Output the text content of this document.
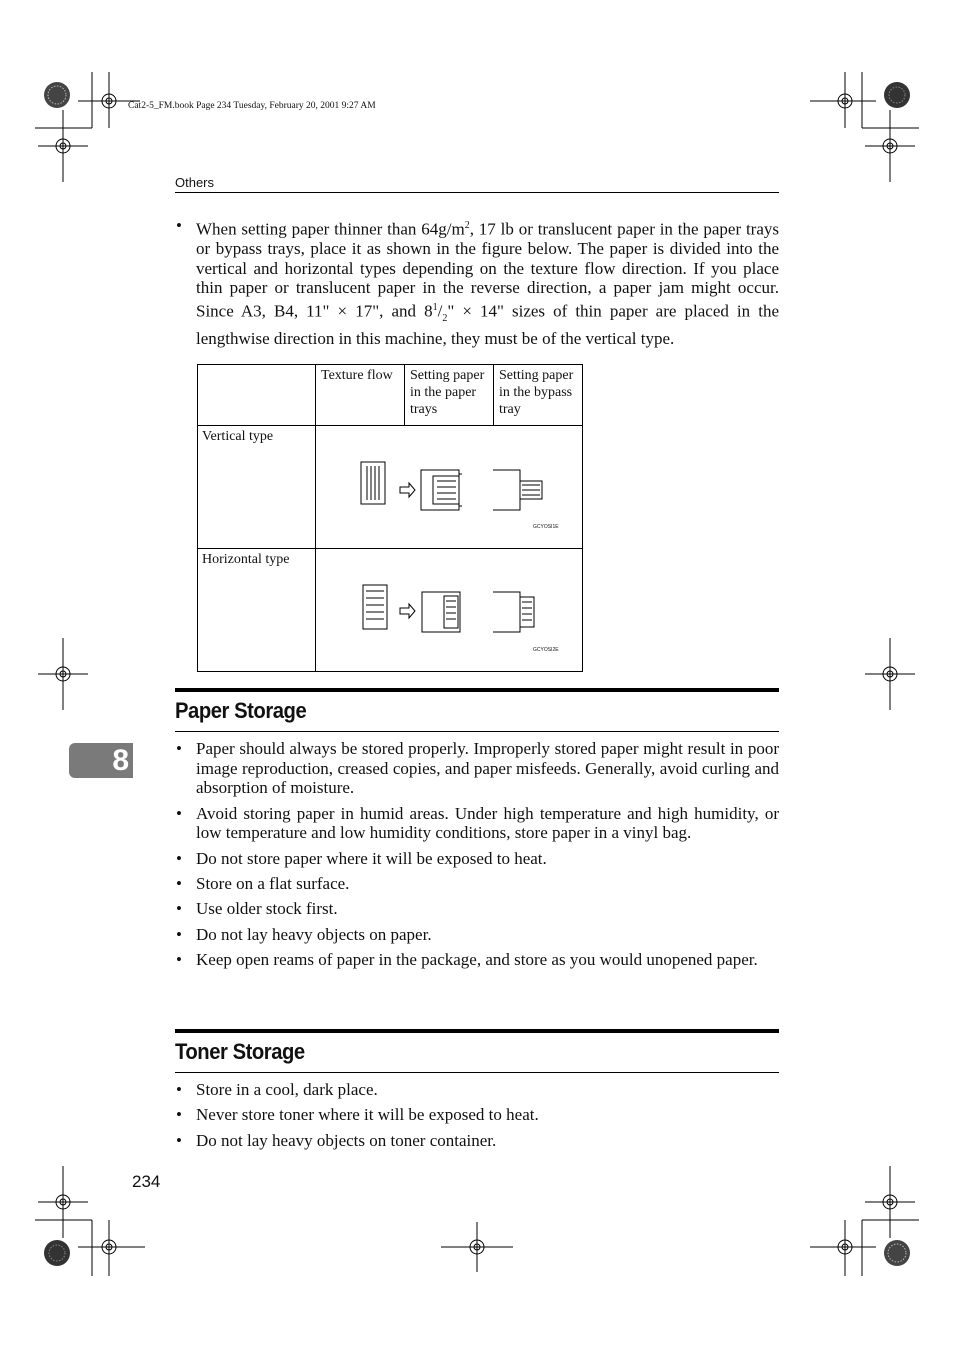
Cat2-5_FM.book Page 234 Tuesday, February 20, 2001 9:27 AM
Others
• When setting paper thinner than $64g/m^2$, 17 lb or translucent paper in the paper trays or bypass trays, place it as shown in the figure below. The paper is divided into the vertical and horizontal types depending on the texture flow direction. If you place thin paper or translucent paper in the reverse direction, a paper jam might occur. Since A3, B4, 11" × 17", and $8^1/_2$" × 14" sizes of thin paper are placed in the lengthwise direction in this machine, they must be of the vertical type.
Texture flow	Setting paper in the paper trays
Setting paper in the bypass tray
Vertical type
Horizontal type
GCYOSI1E
GCYOSI2E
Paper Storage
8
•	Paper should always be stored properly. Improperly stored paper might result in poor image reproduction, creased copies, and paper misfeeds. Generally, avoid curling and absorption of moisture.
• Avoid storing paper in humid areas. Under high temperature and high humidity, or low temperature and low humidity conditions, store paper in a vinyl bag.
• Do not store paper where it will be exposed to heat.
• Store on a flat surface.
• Use older stock first.
• Do not lay heavy objects on paper.
• Keep open reams of paper in the package, and store as you would unopened paper.
Toner Storage
• Store in a cool, dark place.
• Never store toner where it will be exposed to heat.
• Do not lay heavy objects on toner container.
234
